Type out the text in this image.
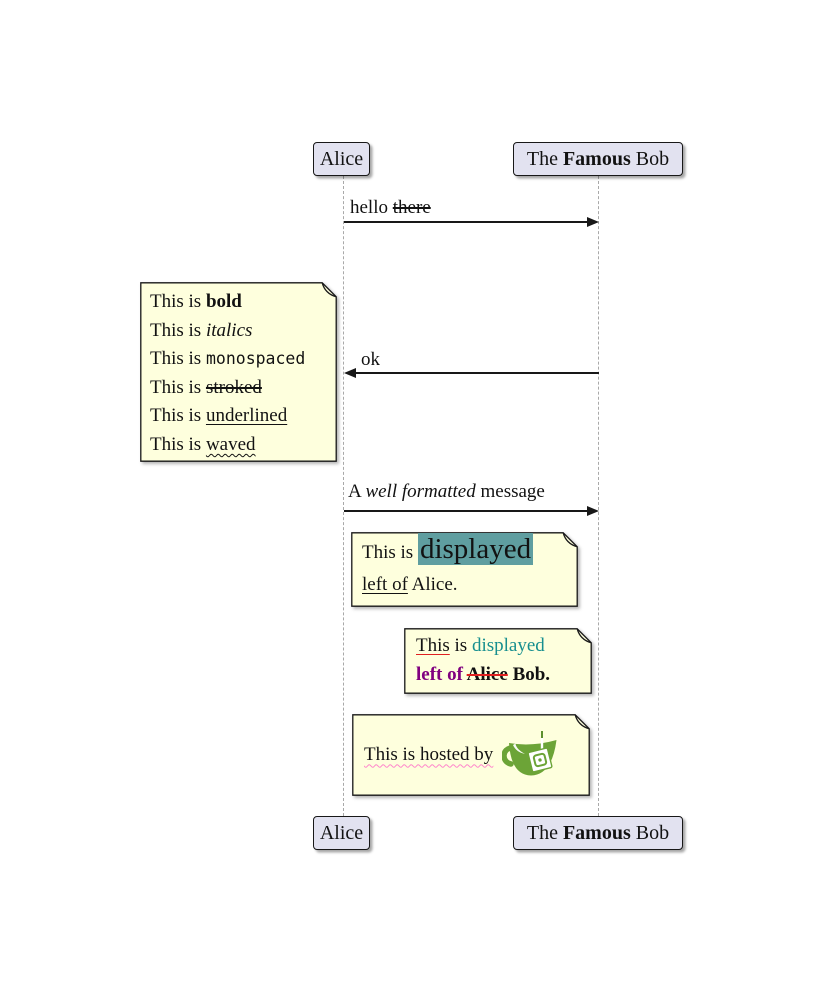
Alice	The Famous Bob
Alice	The Famous Bob
hello there
ok
A well formatted message
This is bold
This is italics
This is monospaced
This is stroked
This is underlined
This is waved
This is displayed
left of Alice.
This is displayed
left of Alice Bob.
This is hosted by
